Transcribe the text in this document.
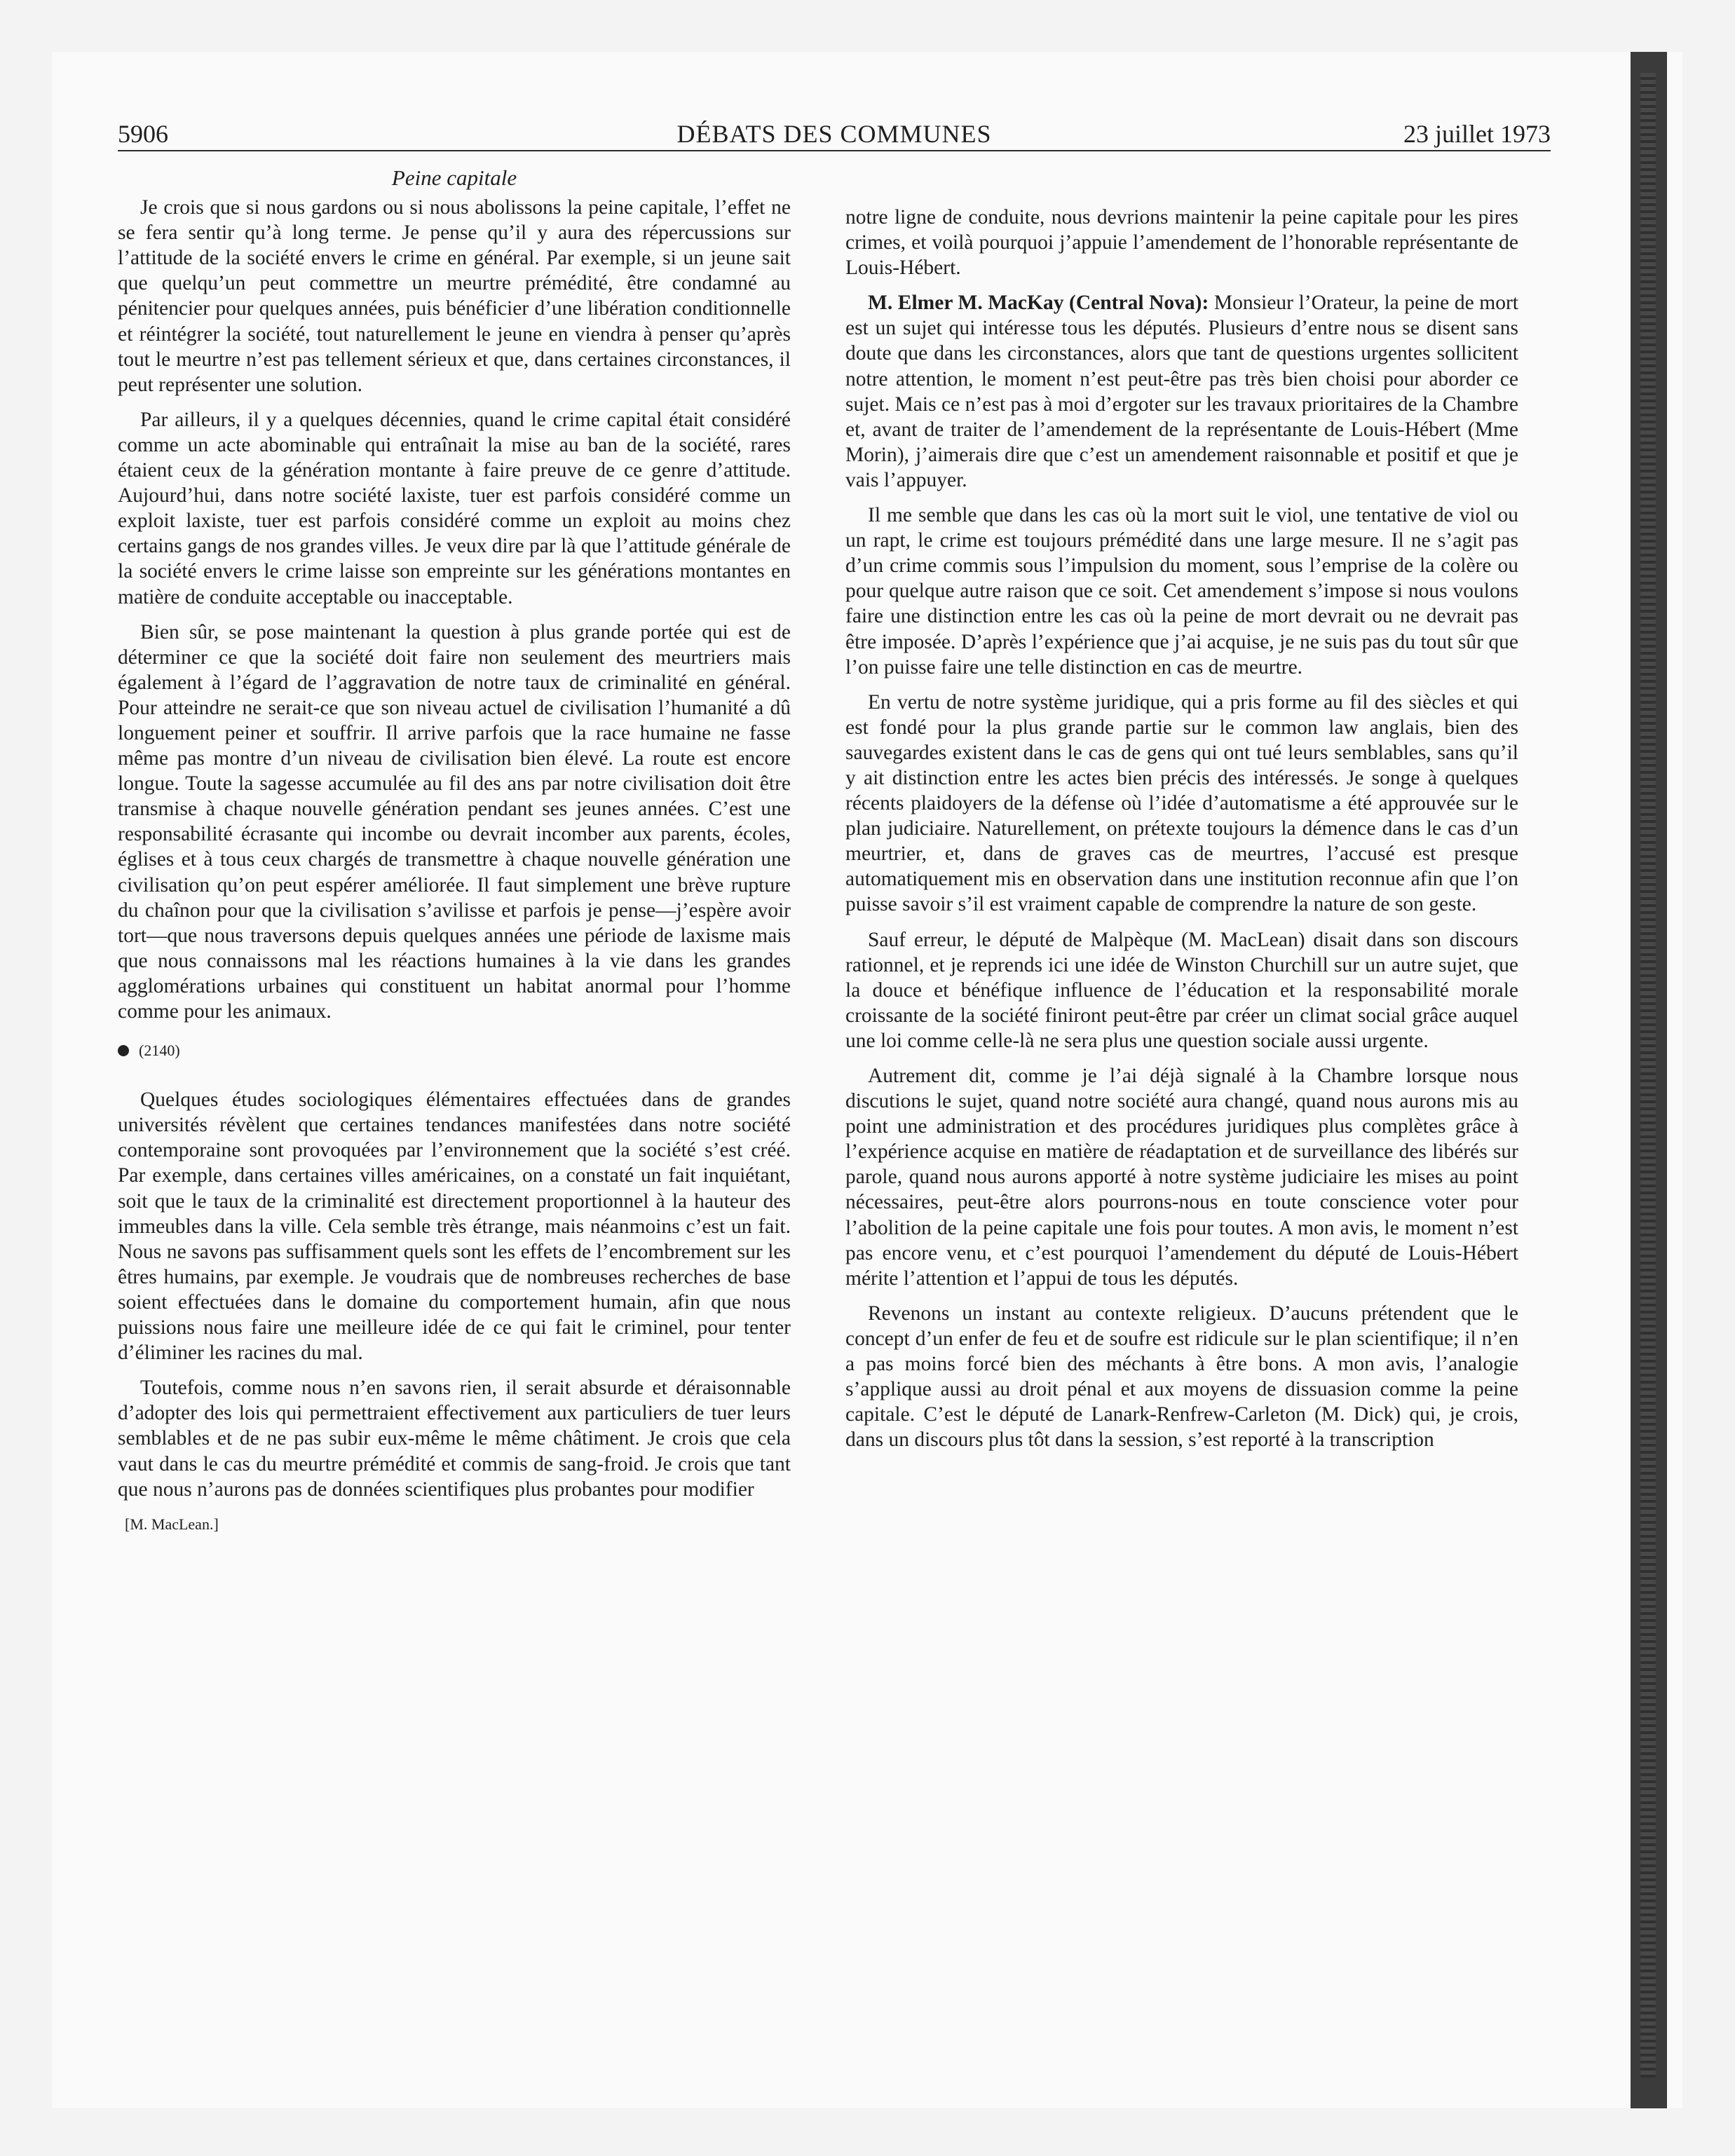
5906	DÉBATS DES COMMUNES	23 juillet 1973
Peine capitale

Je crois que si nous gardons ou si nous abolissons la peine capitale, l’effet ne se fera sentir qu’à long terme. Je pense qu’il y aura des répercussions sur l’attitude de la société envers le crime en général. Par exemple, si un jeune sait que quelqu’un peut commettre un meurtre prémédité, être condamné au pénitencier pour quelques années, puis bénéficier d’une libération conditionnelle et réintégrer la société, tout naturellement le jeune en viendra à penser qu’après tout le meurtre n’est pas tellement sérieux et que, dans certaines circonstances, il peut représenter une solution.

Par ailleurs, il y a quelques décennies, quand le crime capital était considéré comme un acte abominable qui entraînait la mise au ban de la société, rares étaient ceux de la génération montante à faire preuve de ce genre d’attitude. Aujourd’hui, dans notre société laxiste, tuer est parfois considéré comme un exploit laxiste, tuer est parfois considéré comme un exploit au moins chez certains gangs de nos grandes villes. Je veux dire par là que l’attitude générale de la société envers le crime laisse son empreinte sur les générations montantes en matière de conduite acceptable ou inacceptable.

Bien sûr, se pose maintenant la question à plus grande portée qui est de déterminer ce que la société doit faire non seulement des meurtriers mais également à l’égard de l’aggravation de notre taux de criminalité en général. Pour atteindre ne serait-ce que son niveau actuel de civilisation l’humanité a dû longuement peiner et souffrir. Il arrive parfois que la race humaine ne fasse même pas montre d’un niveau de civilisation bien élevé. La route est encore longue. Toute la sagesse accumulée au fil des ans par notre civilisation doit être transmise à chaque nouvelle génération pendant ses jeunes années. C’est une responsabilité écrasante qui incombe ou devrait incomber aux parents, écoles, églises et à tous ceux chargés de transmettre à chaque nouvelle génération une civilisation qu’on peut espérer améliorée. Il faut simplement une brève rupture du chaînon pour que la civilisation s’avilisse et parfois je pense—j’espère avoir tort—que nous traversons depuis quelques années une période de laxisme mais que nous connaissons mal les réactions humaines à la vie dans les grandes agglomérations urbaines qui constituent un habitat anormal pour l’homme comme pour les animaux.

(2140)

Quelques études sociologiques élémentaires effectuées dans de grandes universités révèlent que certaines tendances manifestées dans notre société contemporaine sont provoquées par l’environnement que la société s’est créé. Par exemple, dans certaines villes américaines, on a constaté un fait inquiétant, soit que le taux de la criminalité est directement proportionnel à la hauteur des immeubles dans la ville. Cela semble très étrange, mais néanmoins c’est un fait. Nous ne savons pas suffisamment quels sont les effets de l’encombrement sur les êtres humains, par exemple. Je voudrais que de nombreuses recherches de base soient effectuées dans le domaine du comportement humain, afin que nous puissions nous faire une meilleure idée de ce qui fait le criminel, pour tenter d’éliminer les racines du mal.

Toutefois, comme nous n’en savons rien, il serait absurde et déraisonnable d’adopter des lois qui permettraient effectivement aux particuliers de tuer leurs semblables et de ne pas subir eux-même le même châtiment. Je crois que cela vaut dans le cas du meurtre prémédité et commis de sang-froid. Je crois que tant que nous n’aurons pas de données scientifiques plus probantes pour modifier

[M. MacLean.]

notre ligne de conduite, nous devrions maintenir la peine capitale pour les pires crimes, et voilà pourquoi j’appuie l’amendement de l’honorable représentante de Louis-Hébert.

M. Elmer M. MacKay (Central Nova): Monsieur l’Orateur, la peine de mort est un sujet qui intéresse tous les députés. Plusieurs d’entre nous se disent sans doute que dans les circonstances, alors que tant de questions urgentes sollicitent notre attention, le moment n’est peut-être pas très bien choisi pour aborder ce sujet. Mais ce n’est pas à moi d’ergoter sur les travaux prioritaires de la Chambre et, avant de traiter de l’amendement de la représentante de Louis-Hébert (Mme Morin), j’aimerais dire que c’est un amendement raisonnable et positif et que je vais l’appuyer.

Il me semble que dans les cas où la mort suit le viol, une tentative de viol ou un rapt, le crime est toujours prémédité dans une large mesure. Il ne s’agit pas d’un crime commis sous l’impulsion du moment, sous l’emprise de la colère ou pour quelque autre raison que ce soit. Cet amendement s’impose si nous voulons faire une distinction entre les cas où la peine de mort devrait ou ne devrait pas être imposée. D’après l’expérience que j’ai acquise, je ne suis pas du tout sûr que l’on puisse faire une telle distinction en cas de meurtre.

En vertu de notre système juridique, qui a pris forme au fil des siècles et qui est fondé pour la plus grande partie sur le common law anglais, bien des sauvegardes existent dans le cas de gens qui ont tué leurs semblables, sans qu’il y ait distinction entre les actes bien précis des intéressés. Je songe à quelques récents plaidoyers de la défense où l’idée d’automatisme a été approuvée sur le plan judiciaire. Naturellement, on prétexte toujours la démence dans le cas d’un meurtrier, et, dans de graves cas de meurtres, l’accusé est presque automatiquement mis en observation dans une institution reconnue afin que l’on puisse savoir s’il est vraiment capable de comprendre la nature de son geste.

Sauf erreur, le député de Malpèque (M. MacLean) disait dans son discours rationnel, et je reprends ici une idée de Winston Churchill sur un autre sujet, que la douce et bénéfique influence de l’éducation et la responsabilité morale croissante de la société finiront peut-être par créer un climat social grâce auquel une loi comme celle-là ne sera plus une question sociale aussi urgente.

Autrement dit, comme je l’ai déjà signalé à la Chambre lorsque nous discutions le sujet, quand notre société aura changé, quand nous aurons mis au point une administration et des procédures juridiques plus complètes grâce à l’expérience acquise en matière de réadaptation et de surveillance des libérés sur parole, quand nous aurons apporté à notre système judiciaire les mises au point nécessaires, peut-être alors pourrons-nous en toute conscience voter pour l’abolition de la peine capitale une fois pour toutes. A mon avis, le moment n’est pas encore venu, et c’est pourquoi l’amendement du député de Louis-Hébert mérite l’attention et l’appui de tous les députés.

Revenons un instant au contexte religieux. D’aucuns prétendent que le concept d’un enfer de feu et de soufre est ridicule sur le plan scientifique; il n’en a pas moins forcé bien des méchants à être bons. A mon avis, l’analogie s’applique aussi au droit pénal et aux moyens de dissuasion comme la peine capitale. C’est le député de Lanark-Renfrew-Carleton (M. Dick) qui, je crois, dans un discours plus tôt dans la session, s’est reporté à la transcription
